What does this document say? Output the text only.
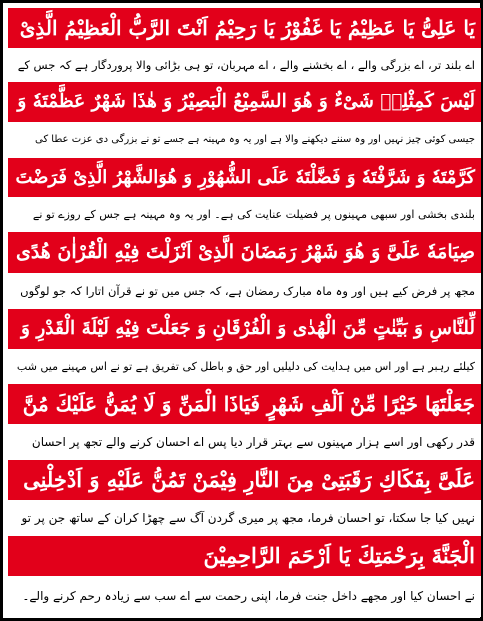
یَا عَلِیُّ یَا عَظِیْمُ یَا غَفُوْرُ یَا رَحِیْمُ اَنْتَ الرَّبُّ الْعَظِیْمُ الَّذِیْ
اے بلند تر، اے بزرگی والے ، اے بخشنے والے ، اے مہربان، تو ہی بڑائی والا پروردگار ہے کہ جس کے
لَیْسَ کَمِثْلِهٖ شَیْءٌ وَ هُوَ السَّمِیْعُ الْبَصِیْرُ وَ هٰذَا شَهْرٌ عَظَّمْتَهٗ وَ
جیسی کوئی چیز نہیں اور وہ سننے دیکھنے والا ہے اور یہ وہ مہینہ ہے جسے تو نے بزرگی دی عزت عطا کی
کَرَّمْتَهٗ وَ شَرَّفْتَهٗ وَ فَضَّلْتَهٗ عَلَی الشُّهُوْرِ وَ هُوَالشَّهْرُ الَّذِیْ فَرَضْتَ
بلندی بخشی اور سبھی مہینوں پر فضیلت عنایت کی ہے۔ اور یہ وہ مہینہ ہے جس کے روزے تو نے
صِیَامَهٗ عَلَیَّ وَ هُوَ شَهْرُ رَمَضَانَ الَّذِیْ اَنْزَلْتَ فِیْهِ الْقُرْاٰنَ هُدًی
مجھ پر فرض کیے ہیں اور وہ ماہ مبارک رمضان ہے، کہ جس میں تو نے قرآن اتارا کہ جو لوگوں
لِّلنَّاسِ وَ بَیِّنٰتٍ مِّنَ الْهُدٰی وَ الْفُرْقَانِ وَ جَعَلْتَ فِیْهِ لَیْلَةَ الْقَدْرِ وَ
کیلئے رہبر ہے اور اس میں ہدایت کی دلیلیں اور حق و باطل کی تفریق ہے تو نے اس مہینے میں شب
جَعَلْتَهَا خَیْرًا مِّنْ اَلْفِ شَهْرٍ فَیَاذَا الْمَنِّ وَ لَا یُمَنُّ عَلَیْكَ مُنَّ
قدر رکھی اور اسے ہزار مہینوں سے بہتر قرار دیا پس اے احسان کرنے والے تجھ پر احسان
عَلَیَّ بِفَكَاكِ رَقَبَتِیْ مِنَ النَّارِ فِیْمَنْ تَمُنُّ عَلَیْهِ وَ اَدْخِلْنِی
نہیں کیا جا سکتا، تو احسان فرما، مجھ پر میری گردن آگ سے چھڑا کران کے ساتھ جن پر تو
الْجَنَّةَ بِرَحْمَتِكَ یَا اَرْحَمَ الرَّاحِمِیْنَ
نے احسان کیا اور مجھے داخل جنت فرما، اپنی رحمت سے اے سب سے زیادہ رحم کرنے والے۔
